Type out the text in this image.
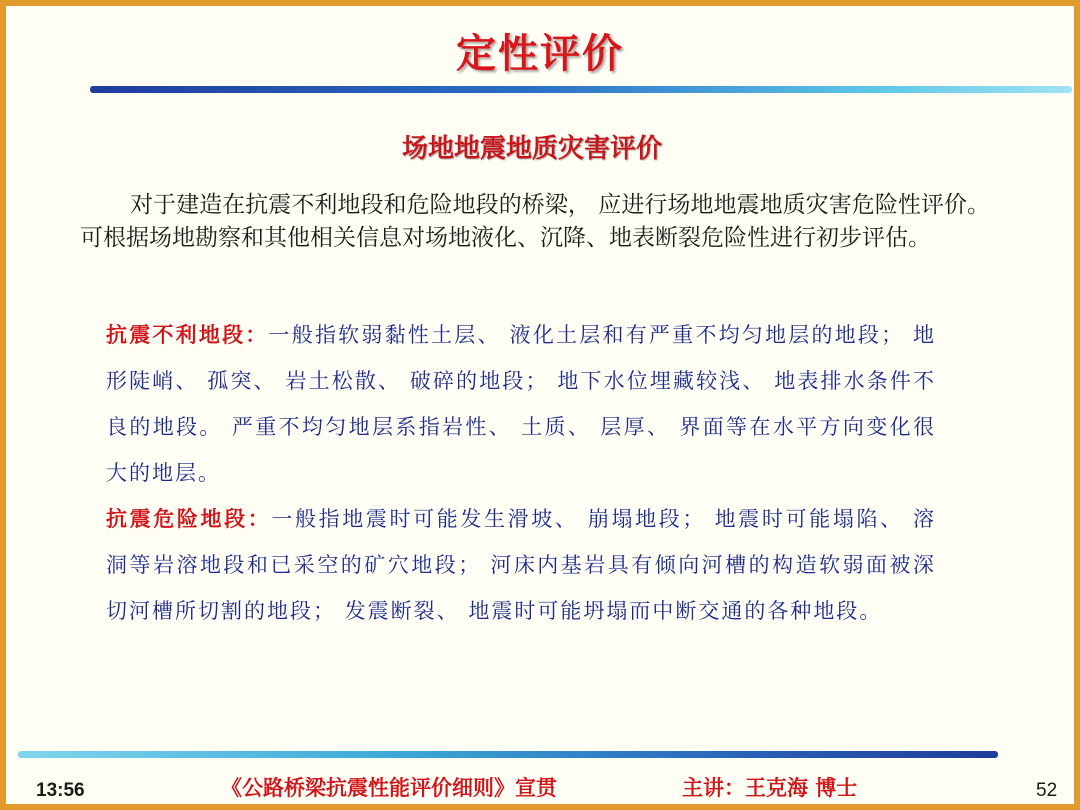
定性评价
场地地震地质灾害评价
对于建造在抗震不利地段和危险地段的桥梁， 应进行场地地震地质灾害危险性评价。可根据场地勘察和其他相关信息对场地液化、沉降、地表断裂危险性进行初步评估。

抗震不利地段：一般指软弱黏性土层、 液化土层和有严重不均匀地层的地段； 地形陡峭、 孤突、 岩土松散、 破碎的地段； 地下水位埋藏较浅、 地表排水条件不良的地段。 严重不均匀地层系指岩性、 土质、 层厚、 界面等在水平方向变化很大的地层。

抗震危险地段：一般指地震时可能发生滑坡、 崩塌地段； 地震时可能塌陷、 溶洞等岩溶地段和已采空的矿穴地段； 河床内基岩具有倾向河槽的构造软弱面被深切河槽所切割的地段； 发震断裂、 地震时可能坍塌而中断交通的各种地段。

13:56	《公路桥梁抗震性能评价细则》宣贯	主讲：王克海 博士	52
